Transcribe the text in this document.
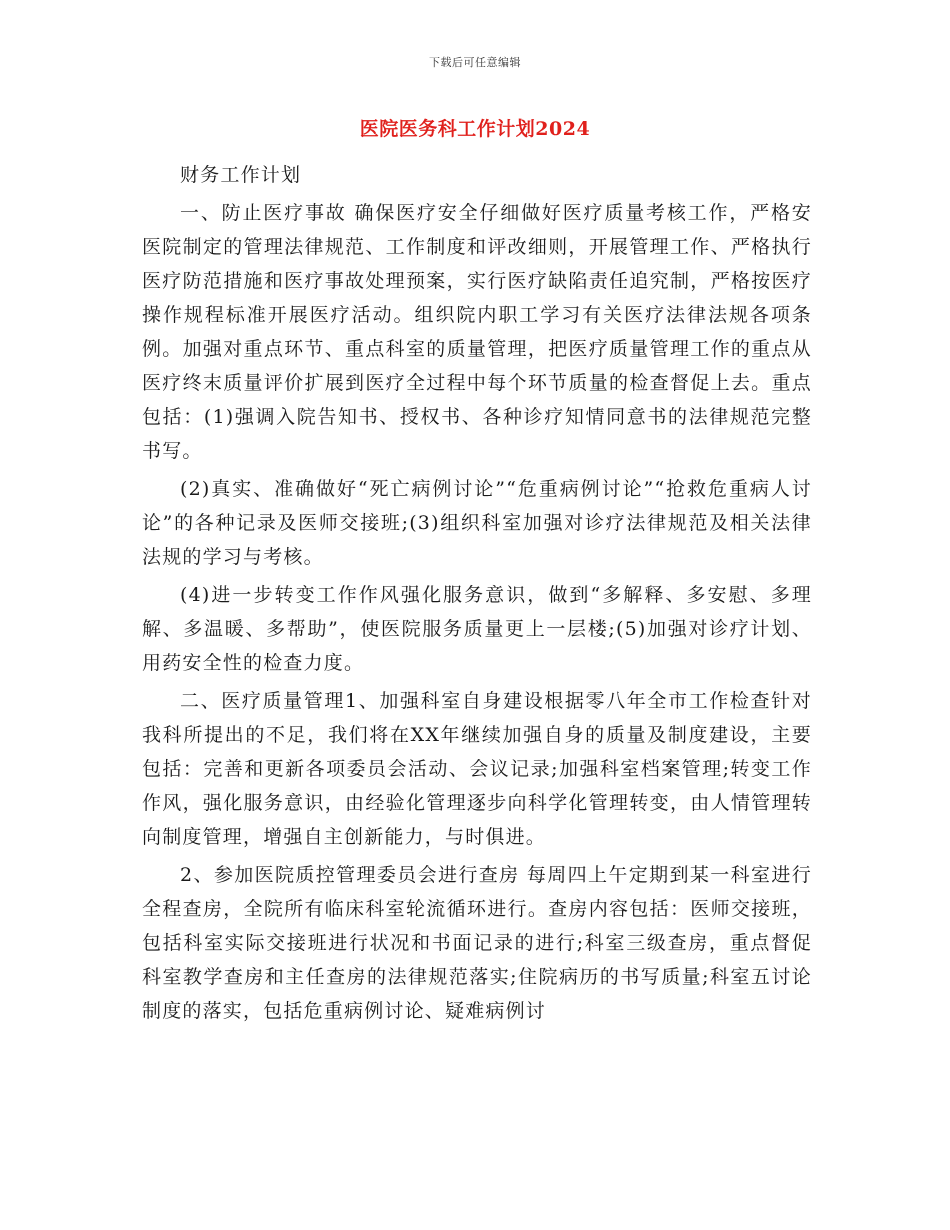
下载后可任意编辑
医院医务科工作计划2024

财务工作计划

一、防止医疗事故 确保医疗安全仔细做好医疗质量考核工作，严格安医院制定的管理法律规范、工作制度和评改细则，开展管理工作、严格执行医疗防范措施和医疗事故处理预案，实行医疗缺陷责任追究制，严格按医疗操作规程标准开展医疗活动。组织院内职工学习有关医疗法律法规各项条例。加强对重点环节、重点科室的质量管理，把医疗质量管理工作的重点从医疗终末质量评价扩展到医疗全过程中每个环节质量的检查督促上去。重点包括：(1)强调入院告知书、授权书、各种诊疗知情同意书的法律规范完整书写。

(2)真实、准确做好“死亡病例讨论”“危重病例讨论”“抢救危重病人讨论”的各种记录及医师交接班;(3)组织科室加强对诊疗法律规范及相关法律法规的学习与考核。

(4)进一步转变工作作风强化服务意识，做到“多解释、多安慰、多理解、多温暖、多帮助”，使医院服务质量更上一层楼;(5)加强对诊疗计划、用药安全性的检查力度。

二、医疗质量管理1、加强科室自身建设根据零八年全市工作检查针对我科所提出的不足，我们将在XX年继续加强自身的质量及制度建设，主要包括：完善和更新各项委员会活动、会议记录;加强科室档案管理;转变工作作风，强化服务意识，由经验化管理逐步向科学化管理转变，由人情管理转向制度管理，增强自主创新能力，与时俱进。

2、参加医院质控管理委员会进行查房 每周四上午定期到某一科室进行全程查房，全院所有临床科室轮流循环进行。查房内容包括：医师交接班，包括科室实际交接班进行状况和书面记录的进行;科室三级查房，重点督促科室教学查房和主任查房的法律规范落实;住院病历的书写质量;科室五讨论制度的落实，包括危重病例讨论、疑难病例讨
